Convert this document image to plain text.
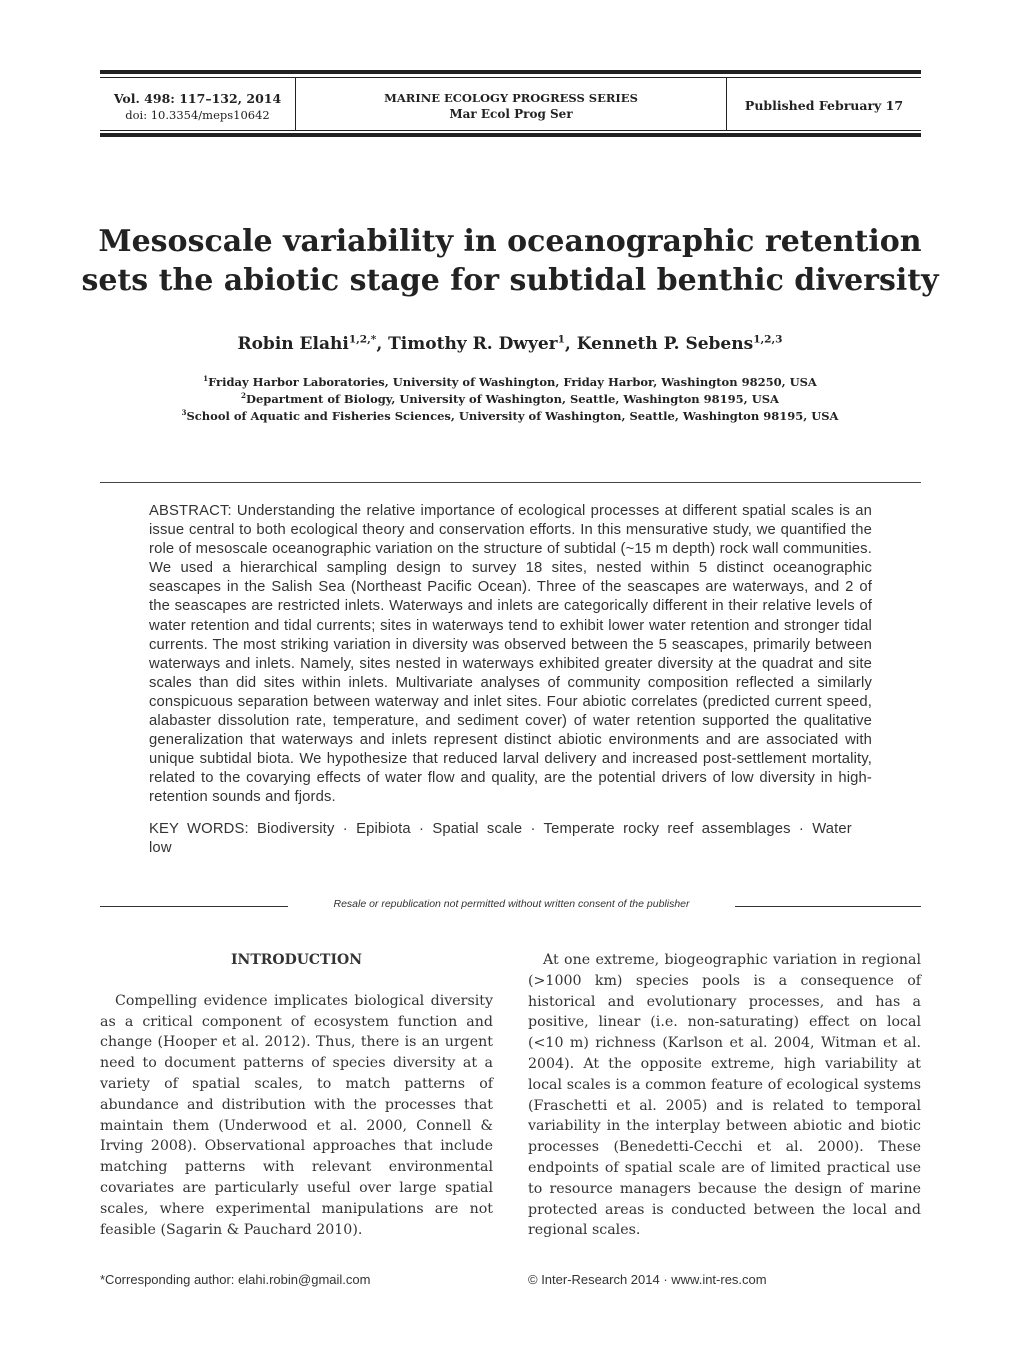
Vol. 498: 117–132, 2014
doi: 10.3354/meps10642
MARINE ECOLOGY PROGRESS SERIES
Mar Ecol Prog Ser
Published February 17
Mesoscale variability in oceanographic retention
sets the abiotic stage for subtidal benthic diversity
Robin Elahi$^{1,2,*}$, Timothy R. Dwyer$^1$, Kenneth P. Sebens$^{1,2,3}$
$^1$Friday Harbor Laboratories, University of Washington, Friday Harbor, Washington 98250, USA
$^2$Department of Biology, University of Washington, Seattle, Washington 98195, USA
$^3$School of Aquatic and Fisheries Sciences, University of Washington, Seattle, Washington 98195, USA

ABSTRACT: Understanding the relative importance of ecological processes at different spatial scales is an issue central to both ecological theory and conservation efforts. In this mensurative study, we quantified the role of mesoscale oceanographic variation on the structure of subtidal (~15 m depth) rock wall communities. We used a hierarchical sampling design to survey 18 sites, nested within 5 distinct oceanographic seascapes in the Salish Sea (Northeast Pacific Ocean). Three of the seascapes are waterways, and 2 of the seascapes are restricted inlets. Waterways and inlets are categorically different in their relative levels of water retention and tidal currents; sites in waterways tend to exhibit lower water retention and stronger tidal currents. The most striking variation in diversity was observed between the 5 seascapes, primarily between waterways and inlets. Namely, sites nested in waterways exhibited greater diversity at the quadrat and site scales than did sites within inlets. Multivariate analyses of community composition reflected a similarly conspicuous separation between waterway and inlet sites. Four abiotic correlates (predicted current speed, alabaster dissolution rate, temperature, and sediment cover) of water retention supported the qualitative generalization that waterways and inlets represent distinct abiotic environments and are associated with unique subtidal biota. We hypothesize that reduced larval delivery and increased post-settlement mortality, related to the covarying effects of water flow and quality, are the potential drivers of low diversity in high-retention sounds and fjords.

KEY WORDS: Biodiversity · Epibiota · Spatial scale · Temperate rocky reef assemblages · Water low

Resale or republication not permitted without written consent of the publisher

INTRODUCTION

Compelling evidence implicates biological diversity as a critical component of ecosystem function and change (Hooper et al. 2012). Thus, there is an urgent need to document patterns of species diversity at a variety of spatial scales, to match patterns of abundance and distribution with the processes that maintain them (Underwood et al. 2000, Connell & Irving 2008). Observational approaches that include matching patterns with relevant environmental covariates are particularly useful over large spatial scales, where experimental manipulations are not feasible (Sagarin & Pauchard 2010).

At one extreme, biogeographic variation in regional (>1000 km) species pools is a consequence of historical and evolutionary processes, and has a positive, linear (i.e. non-saturating) effect on local (<10 m) richness (Karlson et al. 2004, Witman et al. 2004). At the opposite extreme, high variability at local scales is a common feature of ecological systems (Fraschetti et al. 2005) and is related to temporal variability in the interplay between abiotic and biotic processes (Benedetti-Cecchi et al. 2000). These endpoints of spatial scale are of limited practical use to resource managers because the design of marine protected areas is conducted between the local and regional scales.

*Corresponding author: elahi.robin@gmail.com	© Inter-Research 2014 · www.int-res.com
